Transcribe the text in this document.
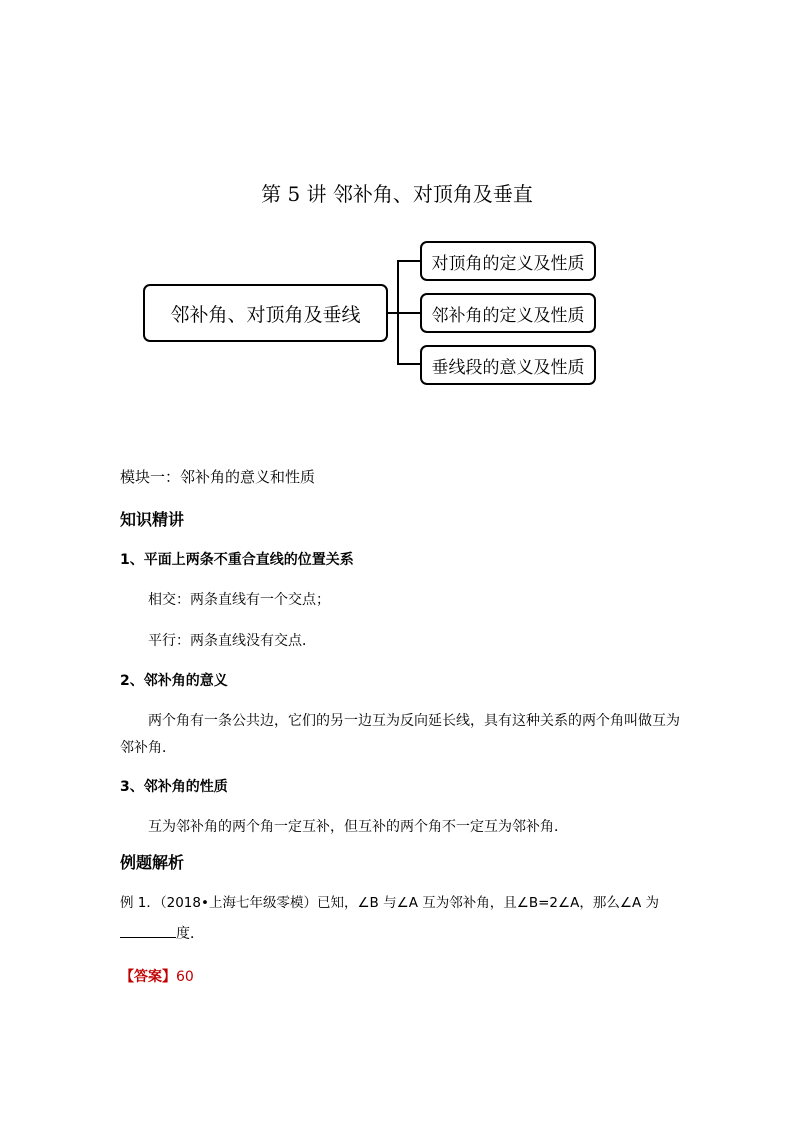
第 5 讲 邻补角、对顶角及垂直
邻补角、对顶角及垂线
对顶角的定义及性质
邻补角的定义及性质
垂线段的意义及性质
模块一：邻补角的意义和性质
知识精讲
1、平面上两条不重合直线的位置关系
相交：两条直线有一个交点；
平行：两条直线没有交点．
2、邻补角的意义
两个角有一条公共边，它们的另一边互为反向延长线，具有这种关系的两个角叫做互为
邻补角．
3、邻补角的性质
互为邻补角的两个角一定互补，但互补的两个角不一定互为邻补角．
例题解析
例 1．（2018•上海七年级零模）已知，∠B 与∠A 互为邻补角，且∠B=2∠A，那么∠A 为
度．
【答案】60
